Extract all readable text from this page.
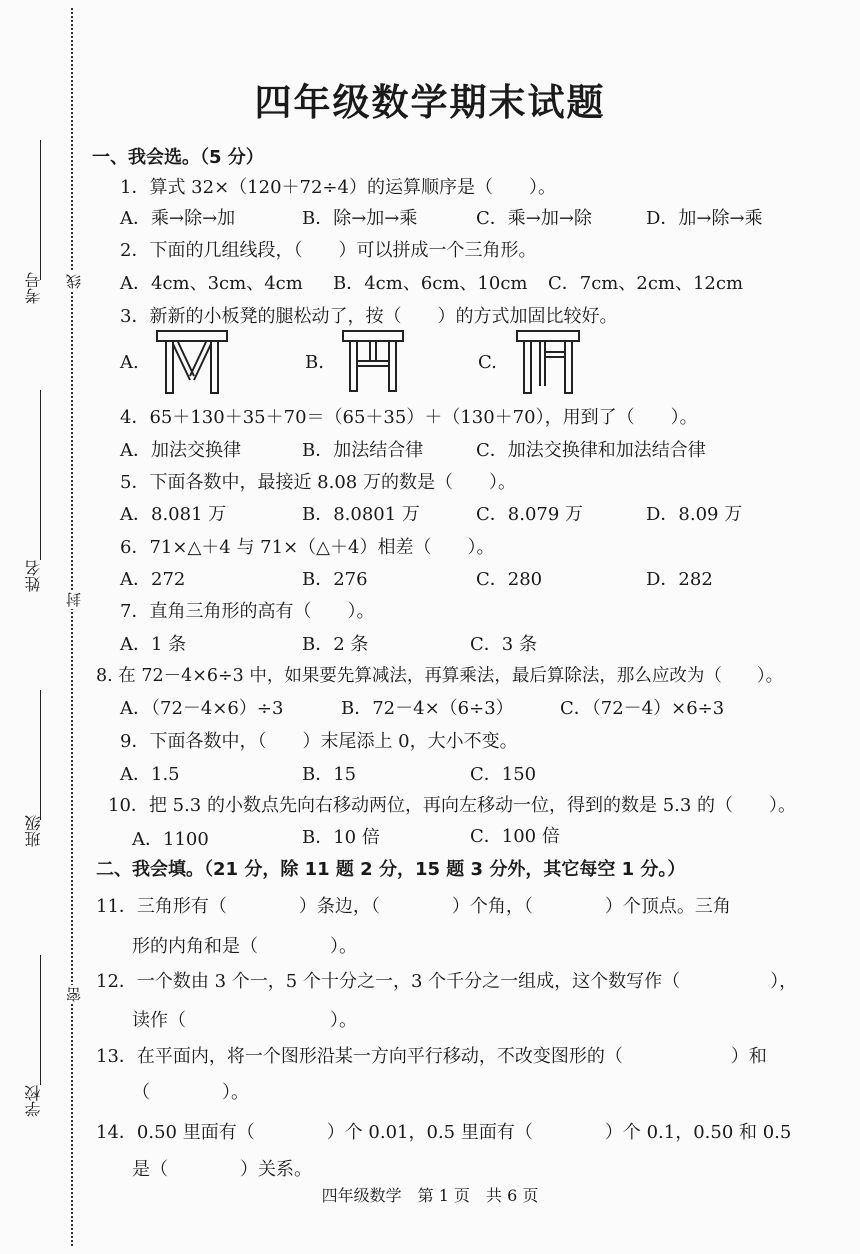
考号
姓名
班级
学校
线
封
密
四年级数学期末试题
一、我会选。（5 分）
1．算式 32×（120＋72÷4）的运算顺序是（　　）。
A．乘→除→加	B．除→加→乘	C．乘→加→除	D．加→除→乘
2．下面的几组线段，（　　）可以拼成一个三角形。
A．4cm、3cm、4cm B．4cm、6cm、10cm C．7cm、2cm、12cm
3．新新的小板凳的腿松动了，按（　　）的方式加固比较好。
A.	B.	C.
4．65＋130＋35＋70＝（65＋35）＋（130＋70），用到了（　　）。
A．加法交换律	B．加法结合律	C．加法交换律和加法结合律
5．下面各数中，最接近 8.08 万的数是（　　）。
A．8.081 万	B．8.0801 万	C．8.079 万	D．8.09 万
6．71×△＋4 与 71×（△＋4）相差（　　）。
A．272	B．276	C．280	D．282
7．直角三角形的高有（　　）。
A．1 条	B．2 条	C．3 条
8. 在 72－4×6÷3 中，如果要先算减法，再算乘法，最后算除法，那么应改为（　　）。
A．（72－4×6）÷3	B．72－4×（6÷3）	C．（72－4）×6÷3
9．下面各数中，（　　）末尾添上 0，大小不变。
A．1.5	B．15	C．150
10．把 5.3 的小数点先向右移动两位，再向左移动一位，得到的数是 5.3 的（　　）。
A．1100	B．10 倍	C．100 倍
二、我会填。（21 分，除 11 题 2 分，15 题 3 分外，其它每空 1 分。）
11．三角形有（　　　　）条边，（　　　　）个角，（　　　　）个顶点。三角
形的内角和是（　　　　）。
12．一个数由 3 个一，5 个十分之一，3 个千分之一组成，这个数写作（　　　　　），
读作（　　　　　　　　）。
13．在平面内，将一个图形沿某一方向平行移动，不改变图形的（　　　　　　）和
（　　　　）。
14．0.50 里面有（　　　　）个 0.01，0.5 里面有（　　　　）个 0.1，0.50 和 0.5
是（　　　　）关系。
四年级数学　第 1 页　共 6 页
